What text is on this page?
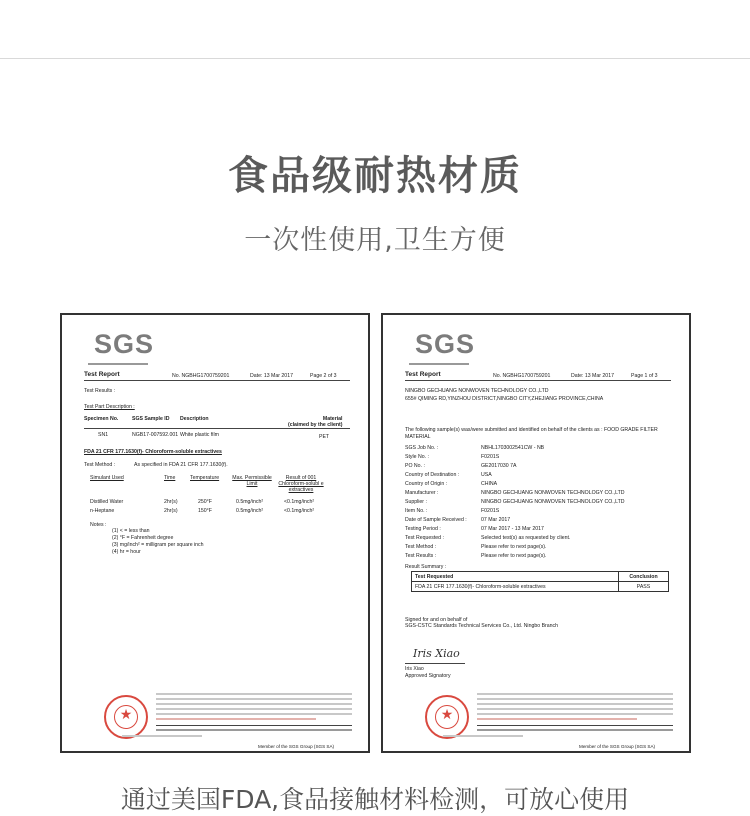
食品级耐热材质
一次性使用,卫生方便
SGS
Test Report	No. NGBHG1700759201	Date: 13 Mar 2017	Page 2 of 3
Test Results :
Test Part Description :
Specimen No.	SGS Sample ID Description	Material
(claimed by the client)
SN1	NGB17-007592.001 White plastic film	PET
FDA 21 CFR 177.1630(f)- Chloroform-soluble extractives
Test Method :	As specified in FDA 21 CFR 177.1630(f).
Simulant Used	Time	Temperature	Max. Permissible Limit
Result of 001 Chloroform-solubl e extractives
Distilled Water	2hr(s)	250°F	0.5mg/inch²	<0.1mg/inch²
n-Heptane	2hr(s)	150°F	0.5mg/inch²	<0.1mg/inch²
Notes :
(1) < = less than
(2) °F = Fahrenheit degree
(3) mg/inch² = milligram per square inch
(4) hr = hour
★
Member of the SGS Group (SGS SA)
SGS
Test Report	No. NGBHG1700759201	Date: 13 Mar 2017	Page 1 of 3
NINGBO GECHUANG NONWOVEN TECHNOLOGY CO.,LTD
655# QIMING RD,YINZHOU DISTRICT,NINGBO CITY,ZHEJIANG PROVINCE,CHINA
The following sample(s) was/were submitted and identified on behalf of the clients as : FOOD GRADE FILTER
MATERIAL
SGS Job No. :	NBHL1703002541CW - NB
Style No. :	F0201S
PO No. :	GE2017030 7A
Country of Destination :	USA
Country of Origin :	CHINA
Manufacturer :	NINGBO GECHUANG NONWOVEN TECHNOLOGY CO.,LTD
Supplier :	NINGBO GECHUANG NONWOVEN TECHNOLOGY CO.,LTD
Item No. :	F0201S
Date of Sample Received :	07 Mar 2017
Testing Period :	07 Mar 2017 - 13 Mar 2017
Test Requested :	Selected test(s) as requested by client.
Test Method :	Please refer to next page(s).
Test Results :	Please refer to next page(s).
Result Summary :
Test Requested	Conclusion
FDA 21 CFR 177.1630(f)- Chloroform-soluble extractives	PASS
Signed for and on behalf of
SGS-CSTC Standards Technical Services Co., Ltd. Ningbo Branch
Iris Xiao
Iris Xiao
Approved Signatory
★
Member of the SGS Group (SGS SA)
通过美国FDA,食品接触材料检测，可放心使用
